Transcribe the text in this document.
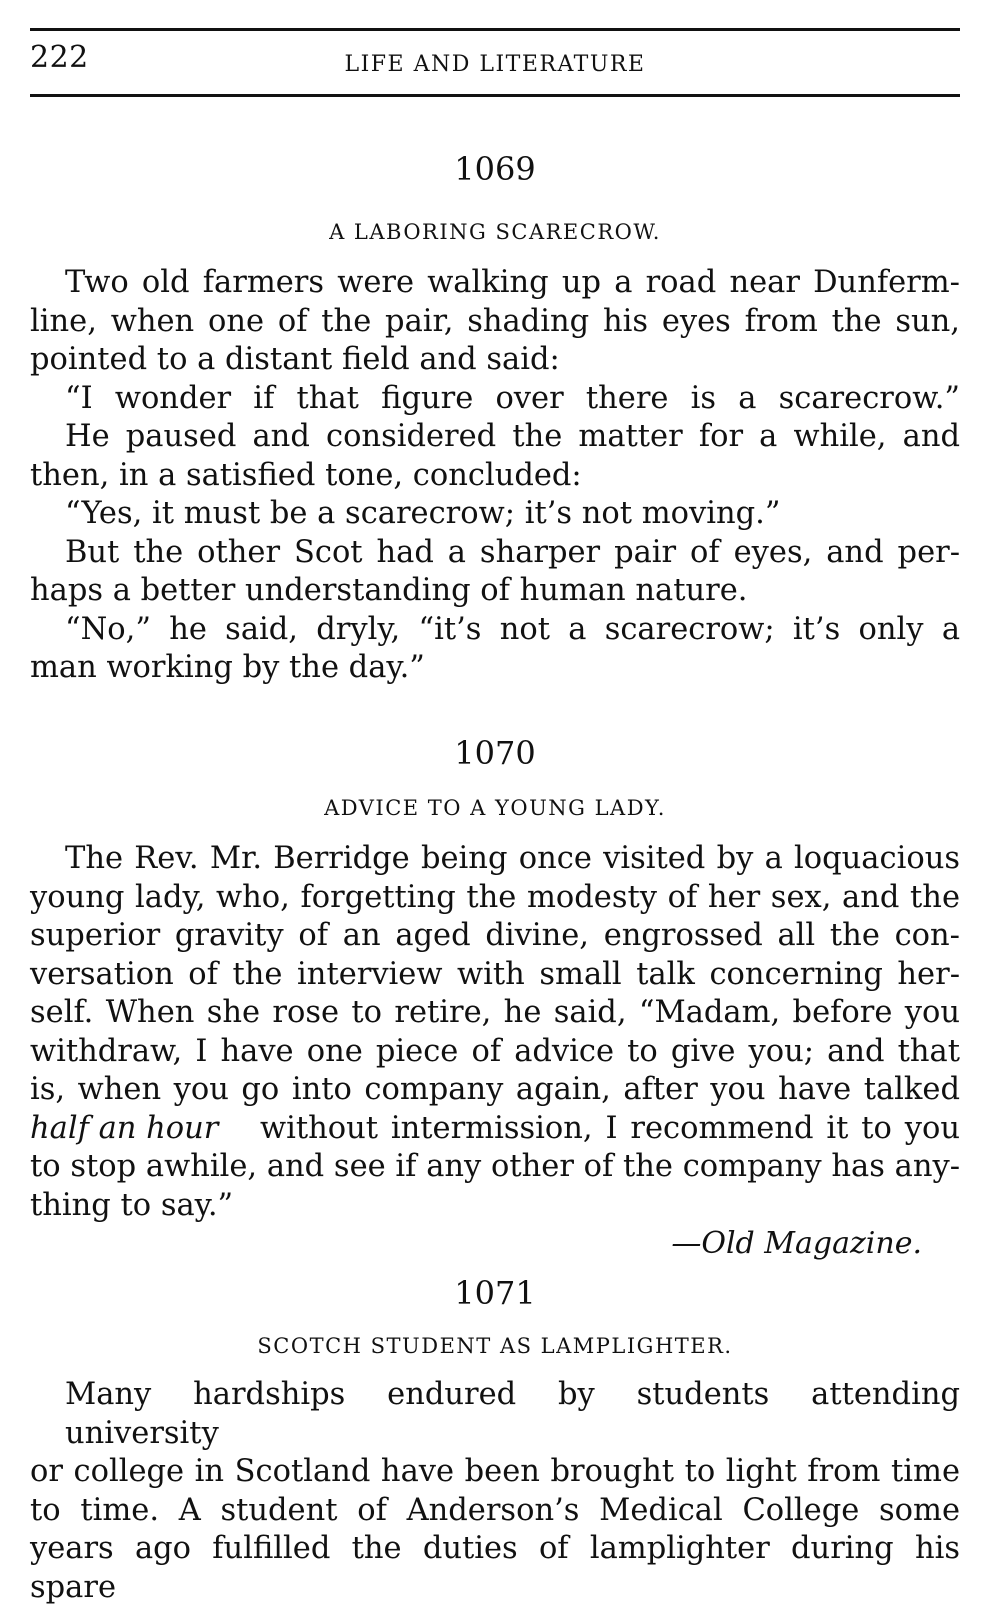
222	LIFE AND LITERATURE
1069
A LABORING SCARECROW.
Two old farmers were walking up a road near Dunferm-
line, when one of the pair, shading his eyes from the sun,
pointed to a distant field and said:
“I wonder if that figure over there is a scarecrow.”
He paused and considered the matter for a while, and
then, in a satisfied tone, concluded:
“Yes, it must be a scarecrow; it’s not moving.”
But the other Scot had a sharper pair of eyes, and per-
haps a better understanding of human nature.
“No,” he said, dryly, “it’s not a scarecrow; it’s only a
man working by the day.”
1070
ADVICE TO A YOUNG LADY.
The Rev. Mr. Berridge being once visited by a loquacious
young lady, who, forgetting the modesty of her sex, and the
superior gravity of an aged divine, engrossed all the con-
versation of the interview with small talk concerning her-
self. When she rose to retire, he said, “Madam, before you
withdraw, I have one piece of advice to give you; and that
is, when you go into company again, after you have talked
half an hour without intermission, I recommend it to you
to stop awhile, and see if any other of the company has any-
thing to say.”
—Old Magazine.
1071
SCOTCH STUDENT AS LAMPLIGHTER.
Many hardships endured by students attending university
or college in Scotland have been brought to light from time
to time. A student of Anderson’s Medical College some
years ago fulfilled the duties of lamplighter during his spare
